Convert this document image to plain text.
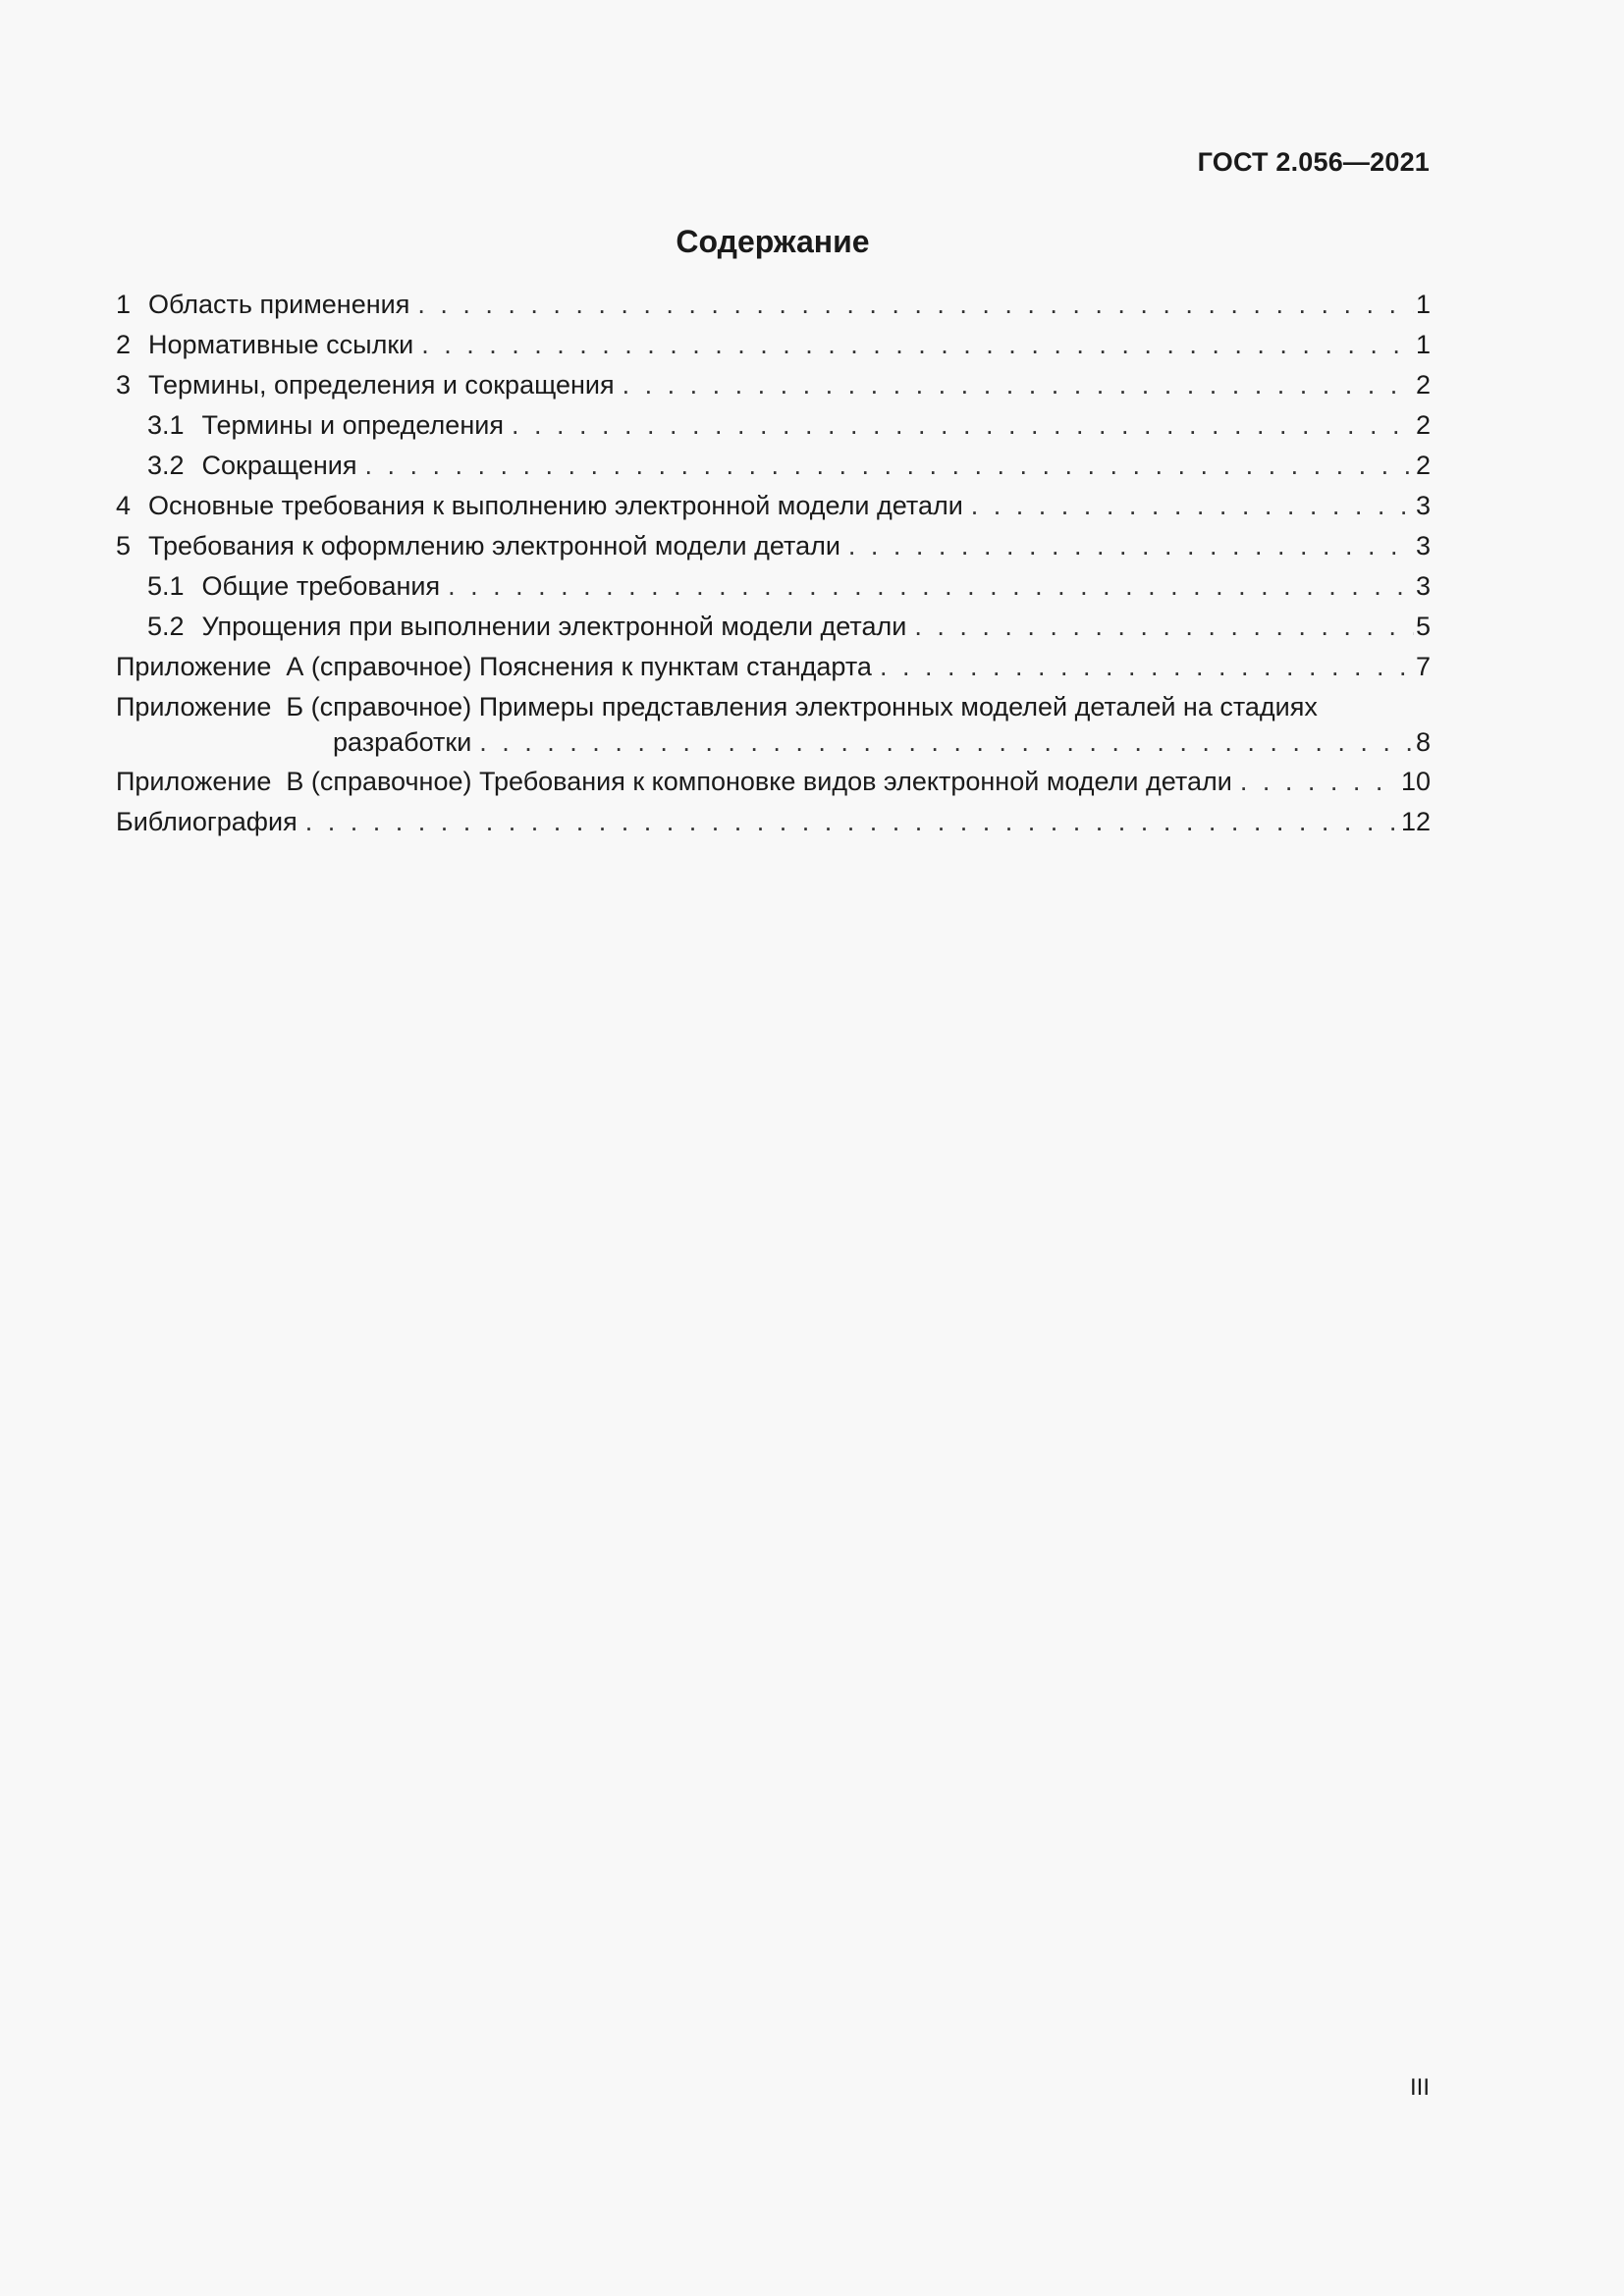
ГОСТ 2.056—2021
Содержание
1 Область применения . . .	1
2 Нормативные ссылки . . .	1
3 Термины, определения и сокращения . . .	2
3.1 Термины и определения . . .	2
3.2 Сокращения . . .	2
4 Основные требования к выполнению электронной модели детали . . .	3
5 Требования к оформлению электронной модели детали . . .	3
5.1 Общие требования . . .	3
5.2 Упрощения при выполнении электронной модели детали . . .	5
Приложение  А (справочное) Пояснения к пунктам стандарта . . .	7
Приложение  Б (справочное) Примеры представления электронных моделей деталей на стадиях
разработки . . .	8
Приложение  В (справочное) Требования к компоновке видов электронной модели детали . . .	10
Библиография . . .	12
III
